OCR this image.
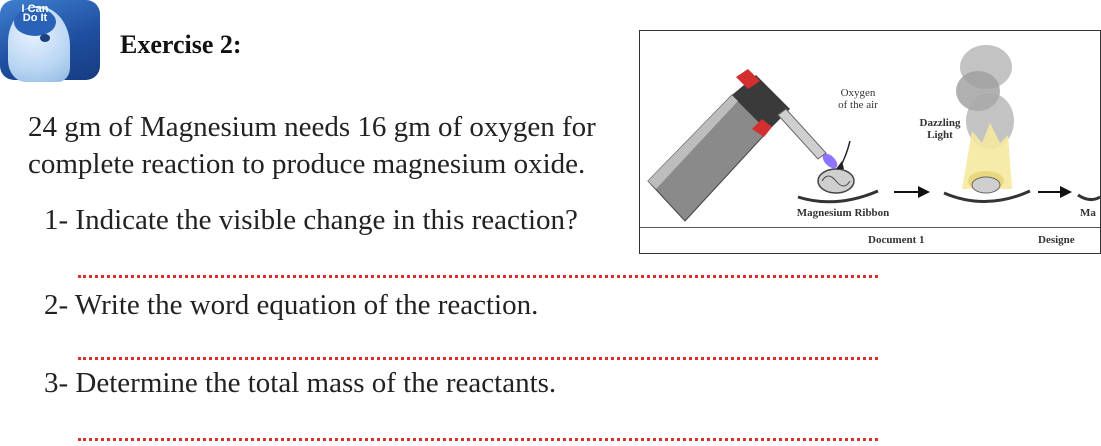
I Can
Do It
Exercise 2:
24 gm of Magnesium needs 16 gm of oxygen for complete reaction to produce magnesium oxide.
1- Indicate the visible change in this reaction?
2- Write the word equation of the reaction.
3- Determine the total mass of the reactants.
Oxygen
of the air
Dazzling
Light
Magnesium Ribbon	Ma
Document 1	Designe
